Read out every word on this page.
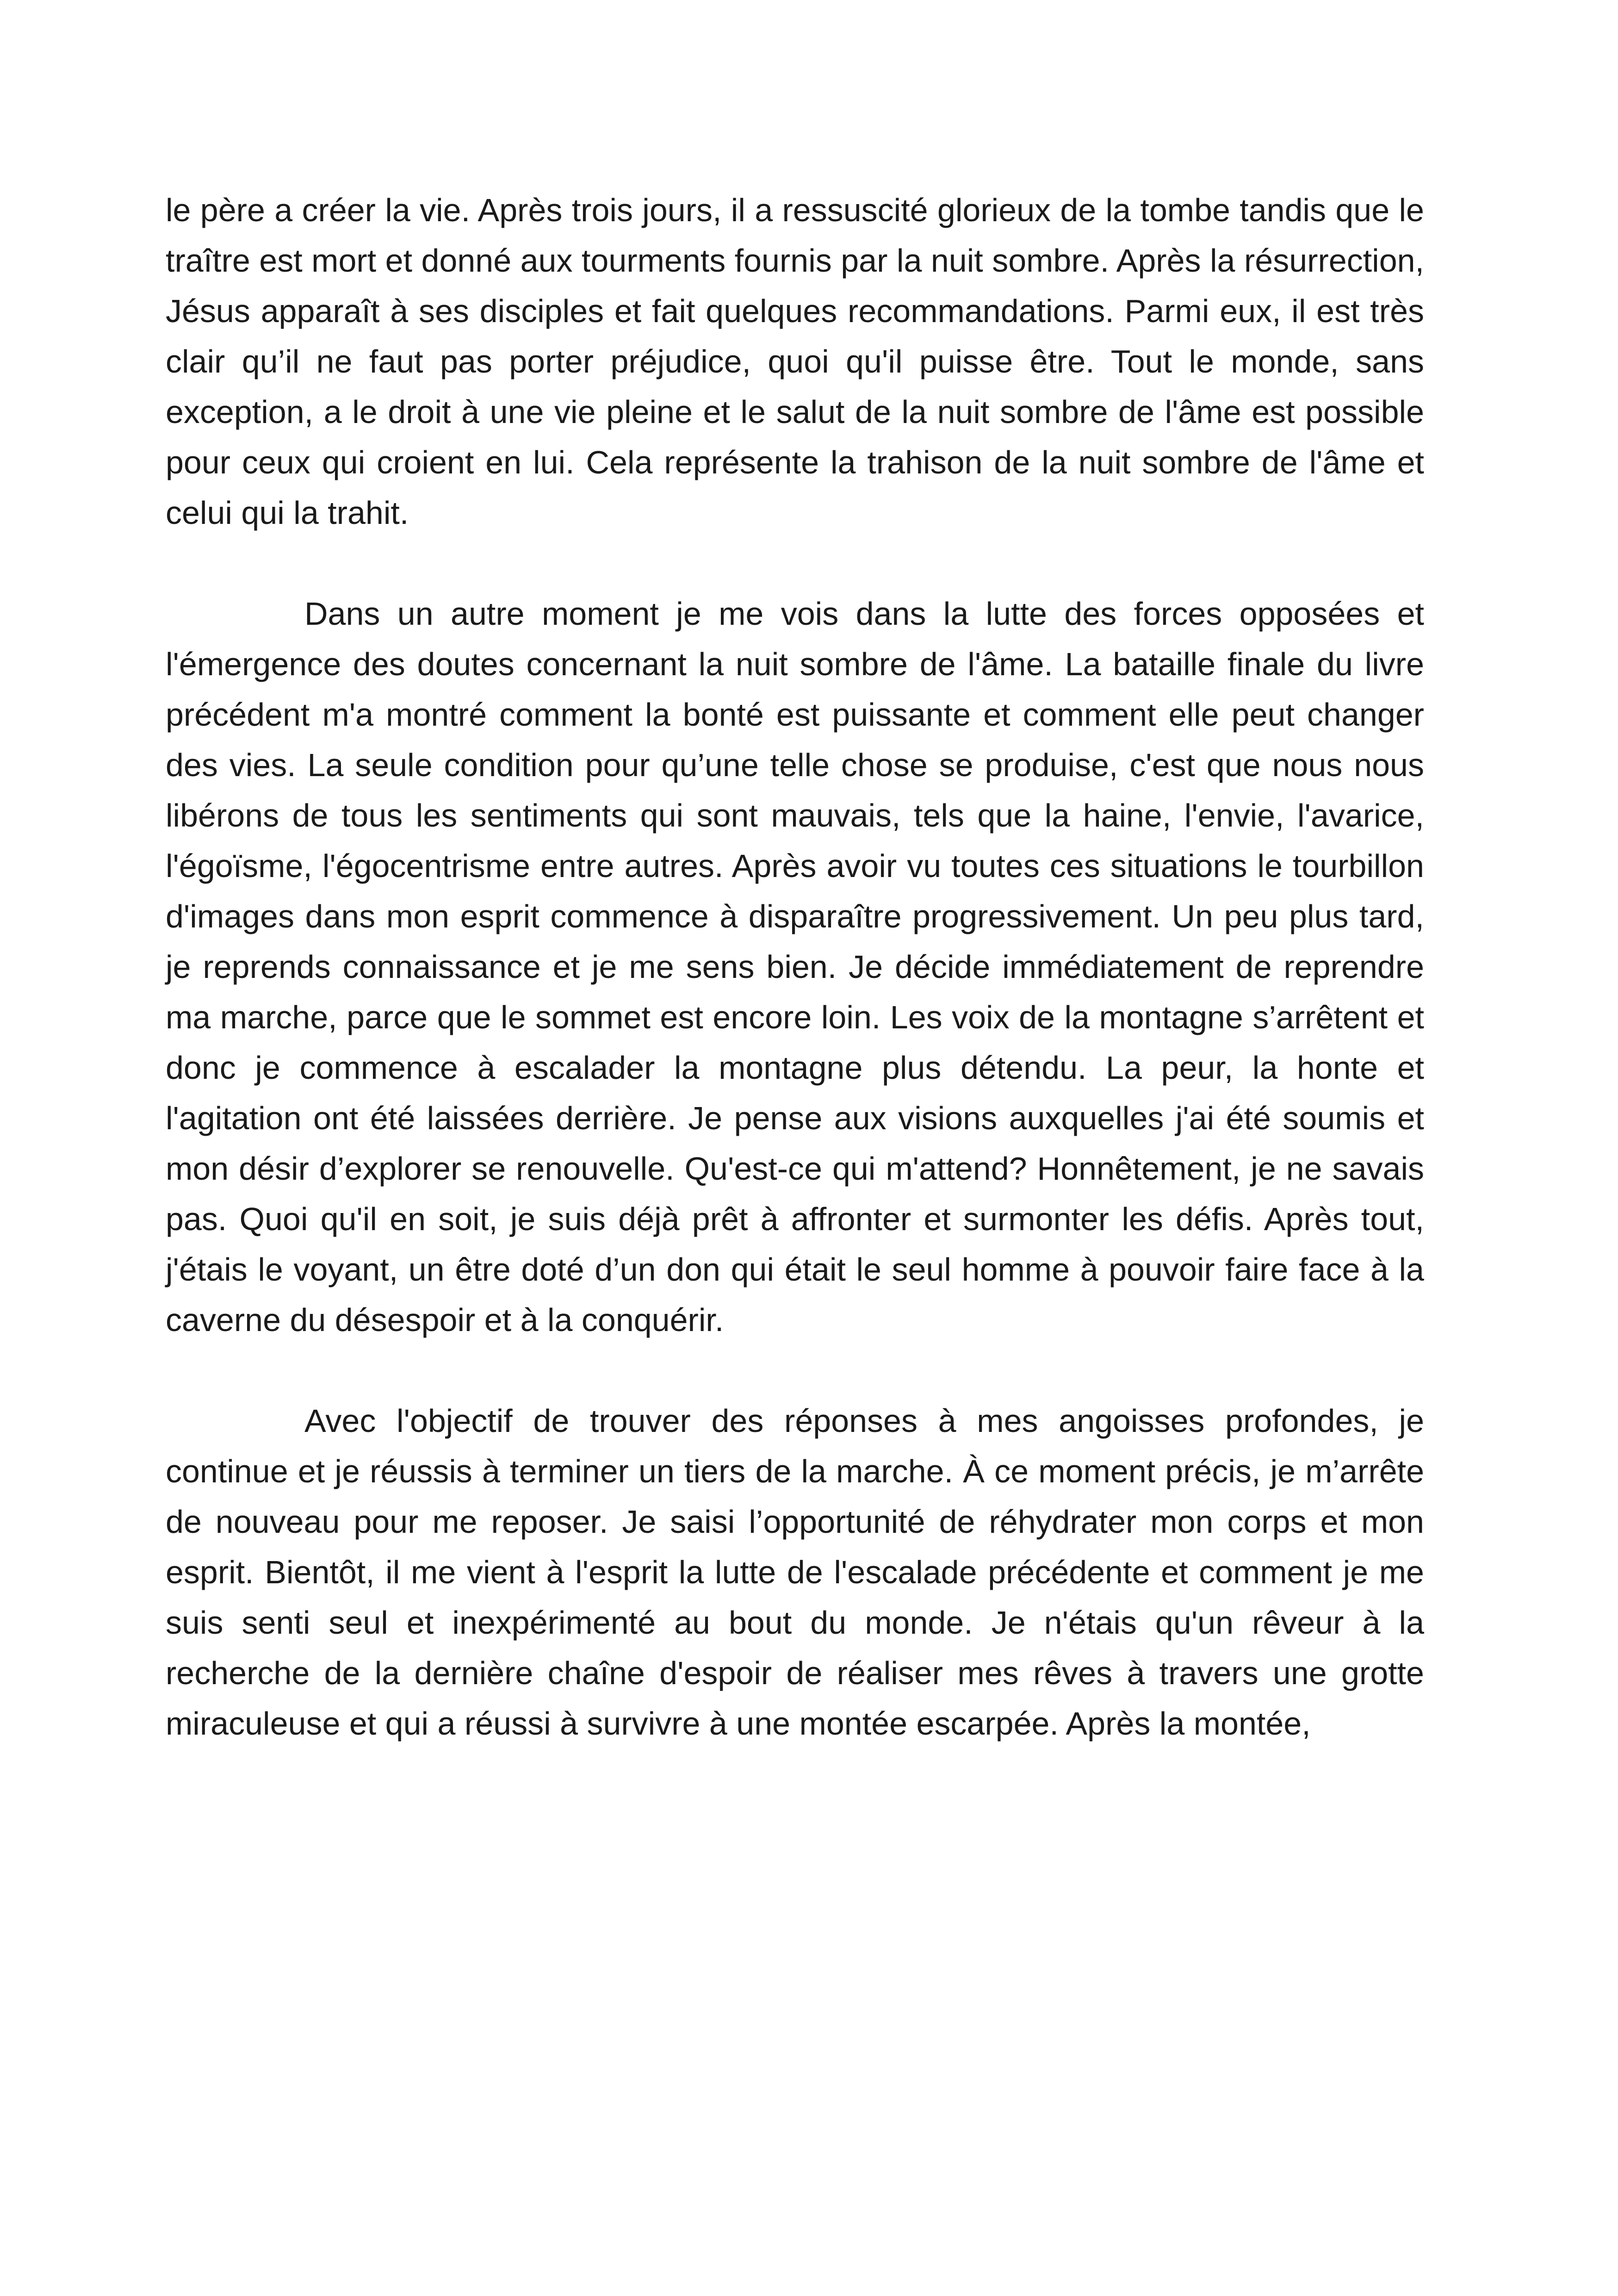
le père a créer la vie. Après trois jours, il a ressuscité glorieux de la tombe tandis que le traître est mort et donné aux tourments fournis par la nuit sombre. Après la résurrection, Jésus apparaît à ses disciples et fait quelques recommandations. Parmi eux, il est très clair qu’il ne faut pas porter préjudice, quoi qu'il puisse être. Tout le monde, sans exception, a le droit à une vie pleine et le salut de la nuit sombre de l'âme est possible pour ceux qui croient en lui. Cela représente la trahison de la nuit sombre de l'âme et celui qui la trahit.

Dans un autre moment je me vois dans la lutte des forces opposées et l'émergence des doutes concernant la nuit sombre de l'âme. La bataille finale du livre précédent m'a montré comment la bonté est puissante et comment elle peut changer des vies. La seule condition pour qu’une telle chose se produise, c'est que nous nous libérons de tous les sentiments qui sont mauvais, tels que la haine, l'envie, l'avarice, l'égoïsme, l'égocentrisme entre autres. Après avoir vu toutes ces situations le tourbillon d'images dans mon esprit commence à disparaître progressivement. Un peu plus tard, je reprends connaissance et je me sens bien. Je décide immédiatement de reprendre ma marche, parce que le sommet est encore loin. Les voix de la montagne s’arrêtent et donc je commence à escalader la montagne plus détendu. La peur, la honte et l'agitation ont été laissées derrière. Je pense aux visions auxquelles j'ai été soumis et mon désir d’explorer se renouvelle. Qu'est-ce qui m'attend? Honnêtement, je ne savais pas. Quoi qu'il en soit, je suis déjà prêt à affronter et surmonter les défis. Après tout, j'étais le voyant, un être doté d’un don qui était le seul homme à pouvoir faire face à la caverne du désespoir et à la conquérir.

Avec l'objectif de trouver des réponses à mes angoisses profondes, je continue et je réussis à terminer un tiers de la marche. À ce moment précis, je m’arrête de nouveau pour me reposer. Je saisi l’opportunité de réhydrater mon corps et mon esprit. Bientôt, il me vient à l'esprit la lutte de l'escalade précédente et comment je me suis senti seul et inexpérimenté au bout du monde. Je n'étais qu'un rêveur à la recherche de la dernière chaîne d'espoir de réaliser mes rêves à travers une grotte miraculeuse et qui a réussi à survivre à une montée escarpée. Après la montée,
